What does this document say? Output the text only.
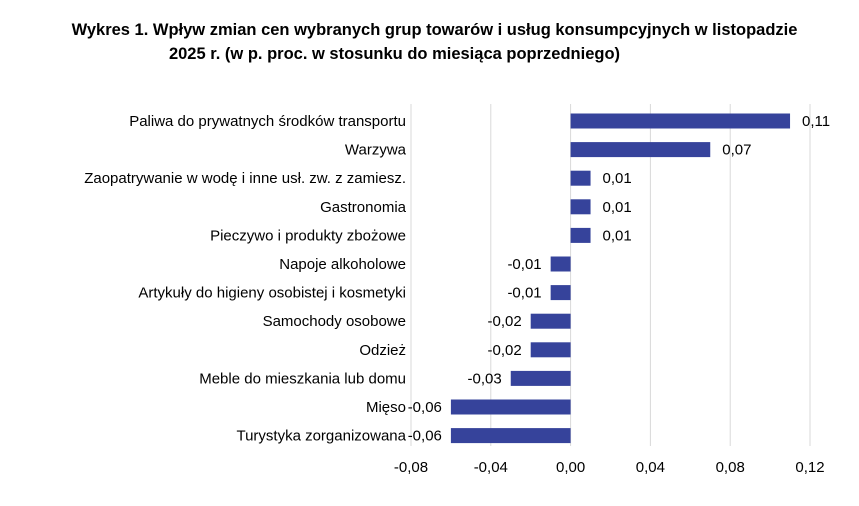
Wykres 1. Wpływ zmian cen wybranych grup towarów i usług konsumpcyjnych w listopadzie
2025 r. (w p. proc. w stosunku do miesiąca poprzedniego)
-0,08	-0,04	0,00	0,04	0,08	0,12
Paliwa do prywatnych środków transportu	0,11
Warzywa	0,07
Zaopatrywanie w wodę i inne usł. zw. z zamiesz.	0,01
Gastronomia	0,01
Pieczywo i produkty zbożowe	0,01
Napoje alkoholowe	-0,01
Artykuły do higieny osobistej i kosmetyki	-0,01
Samochody osobowe	-0,02
Odzież	-0,02
Meble do mieszkania lub domu	-0,03
Mięso -0,06
Turystyka zorganizowana -0,06
